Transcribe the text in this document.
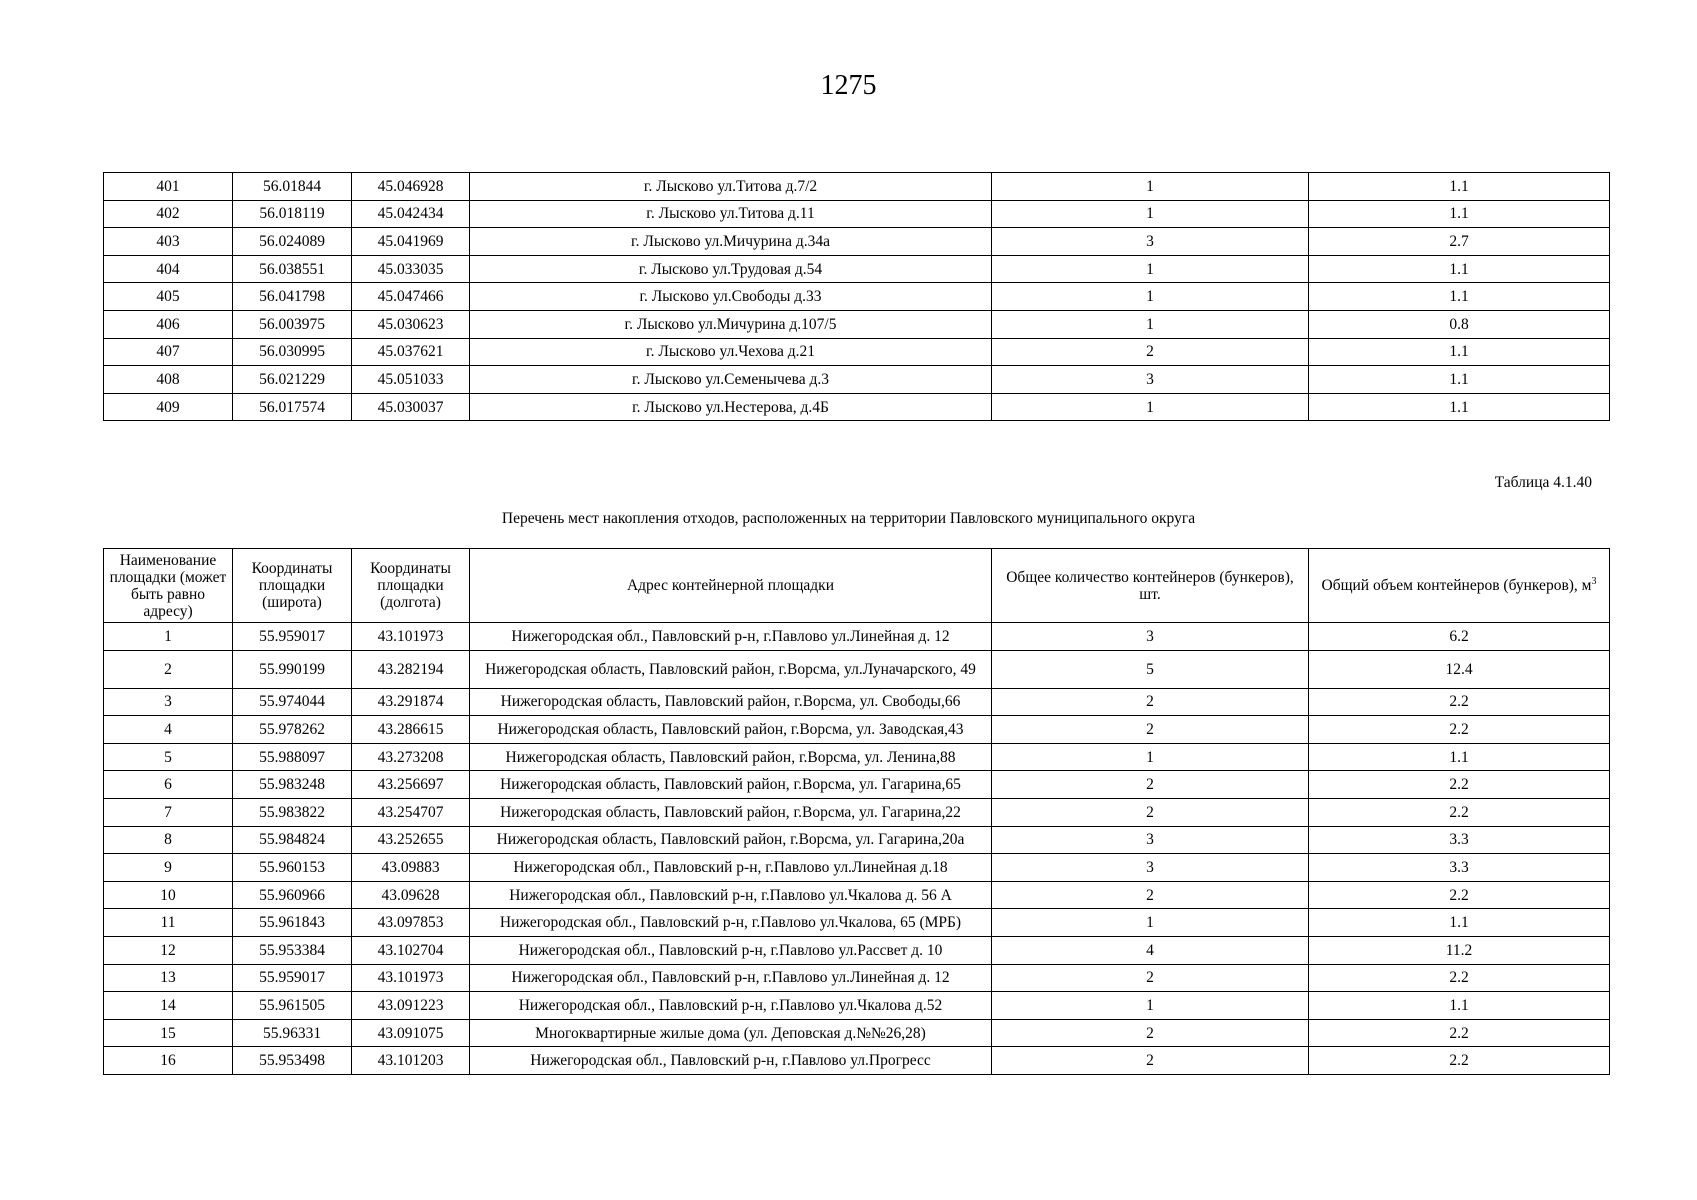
1275
401	56.01844	45.046928	г. Лысково ул.Титова д.7/2	1	1.1
402	56.018119	45.042434	г. Лысково ул.Титова д.11	1	1.1
403	56.024089	45.041969	г. Лысково ул.Мичурина д.34а	3	2.7
404	56.038551	45.033035	г. Лысково ул.Трудовая д.54	1	1.1
405	56.041798	45.047466	г. Лысково ул.Свободы д.33	1	1.1
406	56.003975	45.030623	г. Лысково ул.Мичурина д.107/5	1	0.8
407	56.030995	45.037621	г. Лысково ул.Чехова д.21	2	1.1
408	56.021229	45.051033	г. Лысково ул.Семенычева д.3	3	1.1
409	56.017574	45.030037	г. Лысково ул.Нестерова, д.4Б	1	1.1
Таблица 4.1.40
Перечень мест накопления отходов, расположенных на территории Павловского муниципального округа
Наименование площадки (может быть равно адресу)	Координаты площадки (широта)	Координаты площадки (долгота)	Адрес контейнерной площадки	Общее количество контейнеров (бункеров), шт.	Общий объем контейнеров (бункеров), $м^3$
1	55.959017	43.101973	Нижегородская обл., Павловский р-н, г.Павлово ул.Линейная д. 12	3	6.2
2	55.990199	43.282194	Нижегородская область, Павловский район, г.Ворсма, ул.Луначарского, 49	5	12.4
3	55.974044	43.291874	Нижегородская область, Павловский район, г.Ворсма, ул. Свободы,66	2	2.2
4	55.978262	43.286615	Нижегородская область, Павловский район, г.Ворсма, ул. Заводская,43	2	2.2
5	55.988097	43.273208	Нижегородская область, Павловский район, г.Ворсма, ул. Ленина,88	1	1.1
6	55.983248	43.256697	Нижегородская область, Павловский район, г.Ворсма, ул. Гагарина,65	2	2.2
7	55.983822	43.254707	Нижегородская область, Павловский район, г.Ворсма, ул. Гагарина,22	2	2.2
8	55.984824	43.252655	Нижегородская область, Павловский район, г.Ворсма, ул. Гагарина,20а	3	3.3
9	55.960153	43.09883	Нижегородская обл., Павловский р-н, г.Павлово ул.Линейная д.18	3	3.3
10	55.960966	43.09628	Нижегородская обл., Павловский р-н, г.Павлово ул.Чкалова д. 56 А	2	2.2
11	55.961843	43.097853	Нижегородская обл., Павловский р-н, г.Павлово ул.Чкалова, 65 (МРБ)	1	1.1
12	55.953384	43.102704	Нижегородская обл., Павловский р-н, г.Павлово ул.Рассвет д. 10	4	11.2
13	55.959017	43.101973	Нижегородская обл., Павловский р-н, г.Павлово ул.Линейная д. 12	2	2.2
14	55.961505	43.091223	Нижегородская обл., Павловский р-н, г.Павлово ул.Чкалова д.52	1	1.1
15	55.96331	43.091075	Многоквартирные жилые дома (ул. Деповская д.№№26,28)	2	2.2
16	55.953498	43.101203	Нижегородская обл., Павловский р-н, г.Павлово ул.Прогресс	2	2.2
